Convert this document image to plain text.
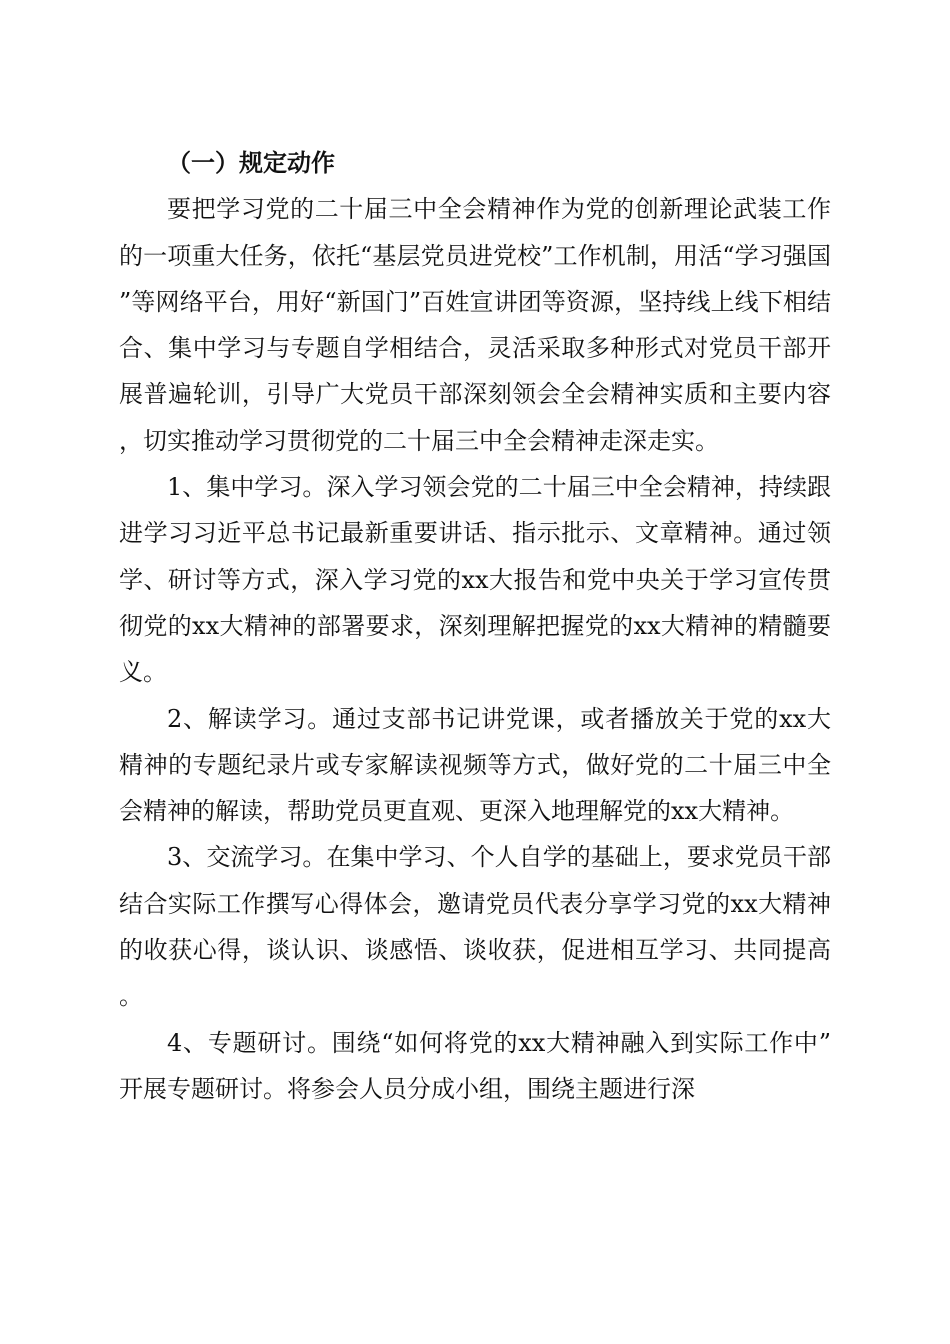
（一）规定动作

要把学习党的二十届三中全会精神作为党的创新理论武装工作的一项重大任务，依托“基层党员进党校”工作机制，用活“学习强国”等网络平台，用好“新国门”百姓宣讲团等资源，坚持线上线下相结合、集中学习与专题自学相结合，灵活采取多种形式对党员干部开展普遍轮训，引导广大党员干部深刻领会全会精神实质和主要内容，切实推动学习贯彻党的二十届三中全会精神走深走实。

1、集中学习。深入学习领会党的二十届三中全会精神，持续跟进学习习近平总书记最新重要讲话、指示批示、文章精神。通过领学、研讨等方式，深入学习党的xx大报告和党中央关于学习宣传贯彻党的xx大精神的部署要求，深刻理解把握党的xx大精神的精髓要义。

2、解读学习。通过支部书记讲党课，或者播放关于党的xx大精神的专题纪录片或专家解读视频等方式，做好党的二十届三中全会精神的解读，帮助党员更直观、更深入地理解党的xx大精神。

3、交流学习。在集中学习、个人自学的基础上，要求党员干部结合实际工作撰写心得体会，邀请党员代表分享学习党的xx大精神的收获心得，谈认识、谈感悟、谈收获，促进相互学习、共同提高。

4、专题研讨。围绕“如何将党的xx大精神融入到实际工作中”开展专题研讨。将参会人员分成小组，围绕主题进行深
